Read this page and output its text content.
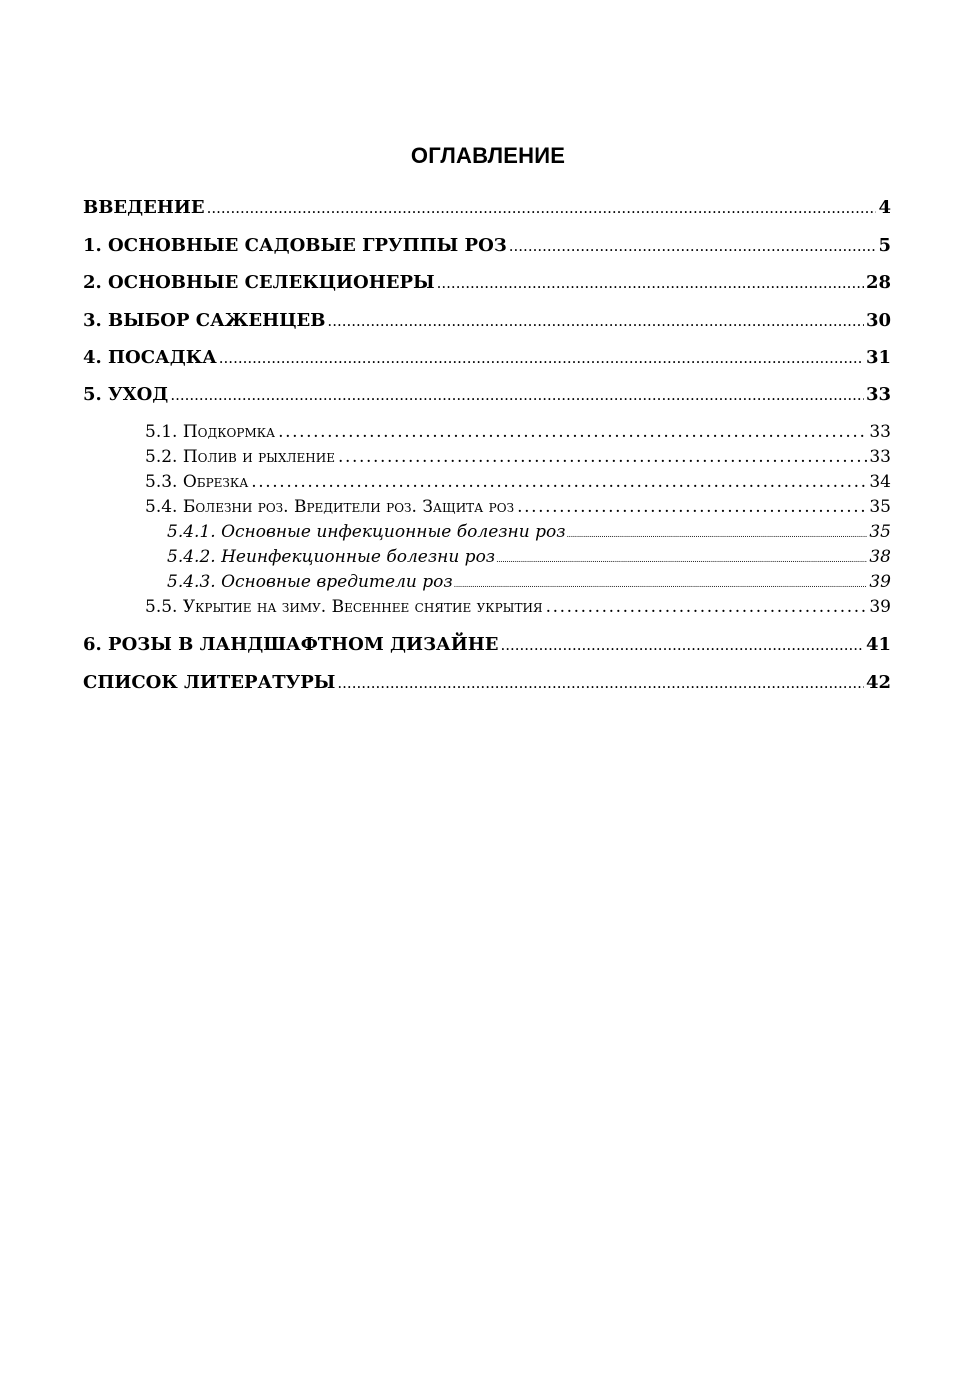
ОГЛАВЛЕНИЕ
ВВЕДЕНИЕ .....	4
1. ОСНОВНЫЕ САДОВЫЕ ГРУППЫ РОЗ .....	5
2. ОСНОВНЫЕ СЕЛЕКЦИОНЕРЫ .....	28
3. ВЫБОР САЖЕНЦЕВ .....	30
4. ПОСАДКА .....	31
5. УХОД .....	33
5.1. Подкормка .....	33
5.2. Полив и рыхление .....	33
5.3. Обрезка .....	34
5.4. Болезни роз. Вредители роз. Защита роз .....	35
5.4.1. Основные инфекционные болезни роз .....	35
5.4.2. Неинфекционные болезни роз .....	38
5.4.3. Основные вредители роз .....	39
5.5. Укрытие на зиму. Весеннее снятие укрытия .....	39
6. РОЗЫ В ЛАНДШАФТНОМ ДИЗАЙНЕ .....	41
СПИСОК ЛИТЕРАТУРЫ .....	42
